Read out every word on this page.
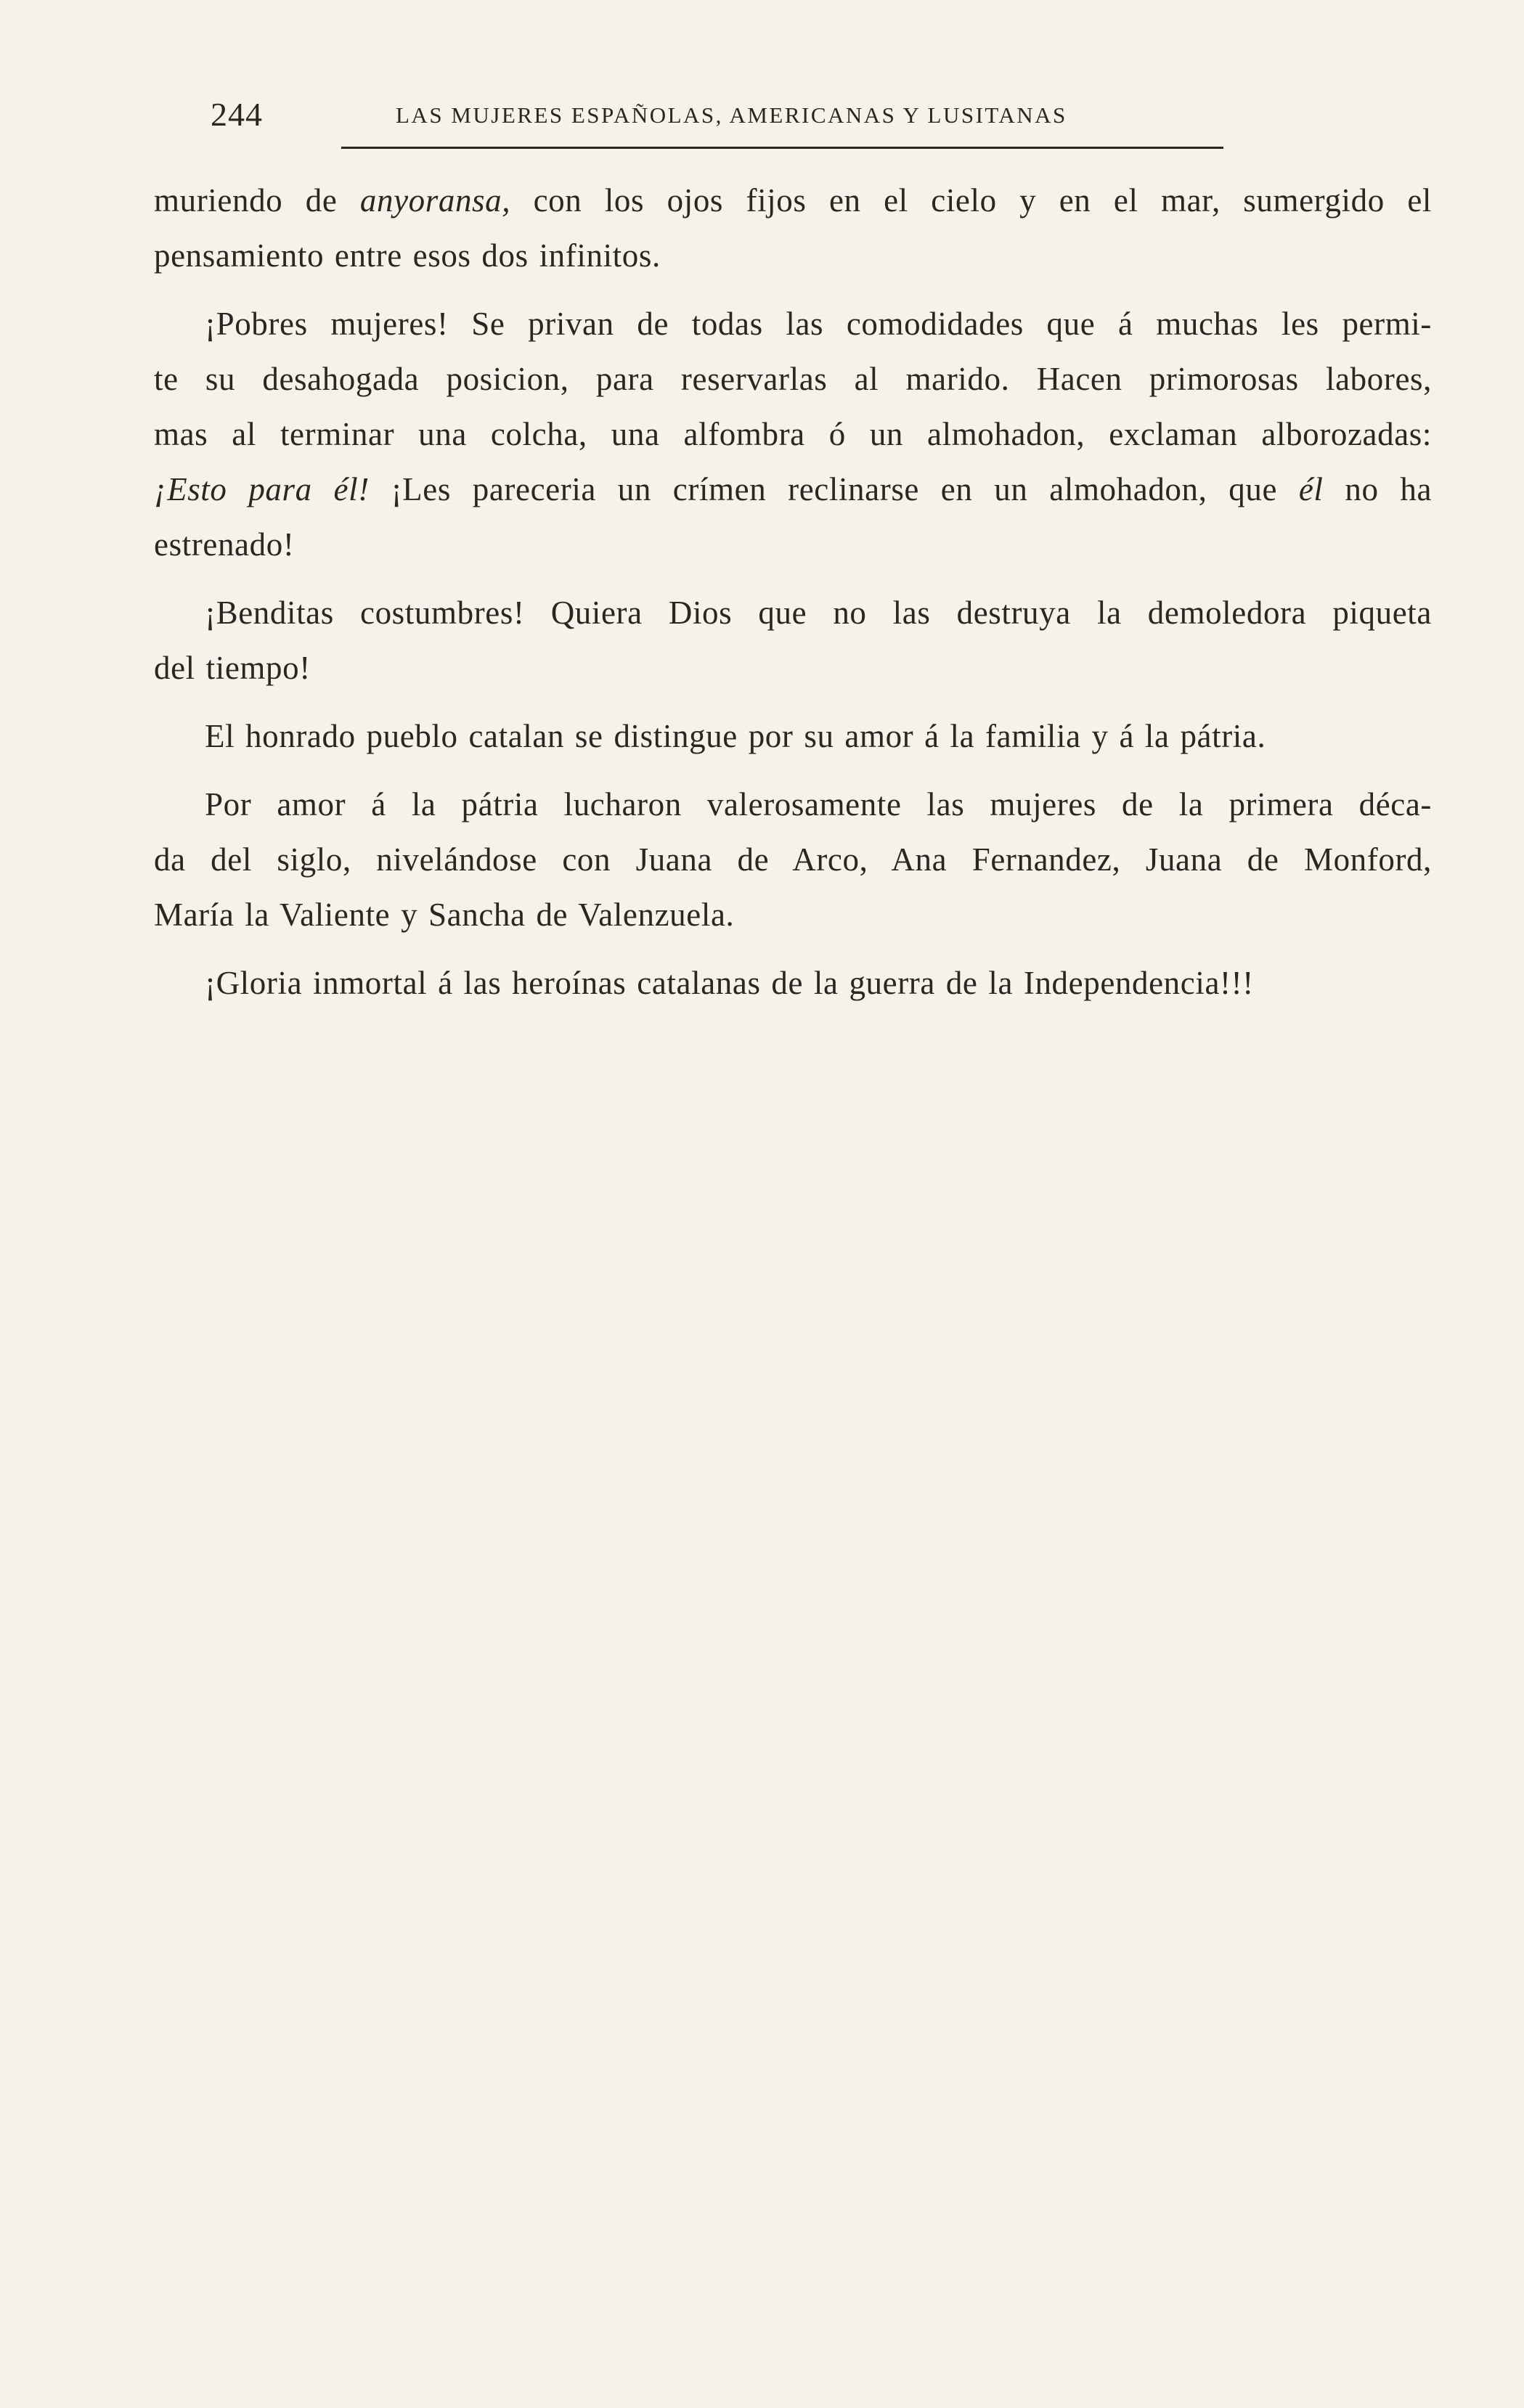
244	LAS MUJERES ESPAÑOLAS, AMERICANAS Y LUSITANAS
muriendo de anyoransa, con los ojos fijos en el cielo y en el mar, sumergido el
pensamiento entre esos dos infinitos.
¡Pobres mujeres! Se privan de todas las comodidades que á muchas les permi-
te su desahogada posicion, para reservarlas al marido. Hacen primorosas labores,
mas al terminar una colcha, una alfombra ó un almohadon, exclaman alborozadas:
¡Esto para él! ¡Les pareceria un crímen reclinarse en un almohadon, que él no ha
estrenado!
¡Benditas costumbres! Quiera Dios que no las destruya la demoledora piqueta
del tiempo!
El honrado pueblo catalan se distingue por su amor á la familia y á la pátria.
Por amor á la pátria lucharon valerosamente las mujeres de la primera déca-
da del siglo, nivelándose con Juana de Arco, Ana Fernandez, Juana de Monford,
María la Valiente y Sancha de Valenzuela.
¡Gloria inmortal á las heroínas catalanas de la guerra de la Independencia!!!
